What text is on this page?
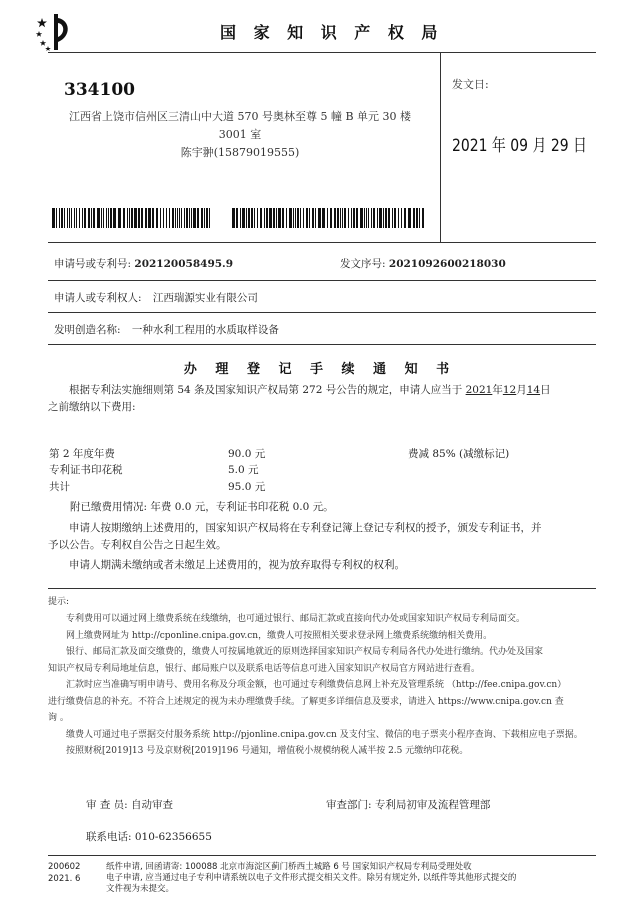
国 家 知 识 产 权 局
334100
江西省上饶市信州区三清山中大道 570 号奥林至尊 5 幢 B 单元 30 楼
3001 室
陈宇翀(15879019555)
发文日:
2021 年 09 月 29 日
申请号或专利号: 202120058495.9	发文序号: 2021092600218030
申请人或专利权人: 江西瑞源实业有限公司
发明创造名称: 一种水利工程用的水质取样设备
办 理 登 记 手 续 通 知 书
根据专利法实施细则第 54 条及国家知识产权局第 272 号公告的规定，申请人应当于 2021年12月14日
之前缴纳以下费用:
第 2 年度年费	90.0 元	费减 85% (减缴标记)
专利证书印花税	5.0 元
共计	95.0 元
附已缴费用情况: 年费 0.0 元，专利证书印花税 0.0 元。
申请人按期缴纳上述费用的，国家知识产权局将在专利登记簿上登记专利权的授予，颁发专利证书，并
予以公告。专利权自公告之日起生效。
申请人期满未缴纳或者未缴足上述费用的，视为放弃取得专利权的权利。
提示:
专利费用可以通过网上缴费系统在线缴纳，也可通过银行、邮局汇款或直接向代办处或国家知识产权局专利局面交。
网上缴费网址为 http://cponline.cnipa.gov.cn，缴费人可按照相关要求登录网上缴费系统缴纳相关费用。
银行、邮局汇款及面交缴费的，缴费人可按属地就近的原则选择国家知识产权局专利局各代办处进行缴纳。代办处及国家
知识产权局专利局地址信息，银行、邮局账户以及联系电话等信息可进入国家知识产权局官方网站进行查看。
汇款时应当准确写明申请号、费用名称及分项金额，也可通过专利缴费信息网上补充及管理系统 （http://fee.cnipa.gov.cn）
进行缴费信息的补充。不符合上述规定的视为未办理缴费手续。了解更多详细信息及要求，请进入 https://www.cnipa.gov.cn 查
询 。
缴费人可通过电子票据交付服务系统 http://pjonline.cnipa.gov.cn 及支付宝、微信的电子票夹小程序查询、下载相应电子票据。
按照财税[2019]13 号及京财税[2019]196 号通知，增值税小规模纳税人减半按 2.5 元缴纳印花税。
审 查 员: 自动审查	审查部门: 专利局初审及流程管理部
联系电话: 010-62356655
200602
2021. 6
纸件申请, 回函请寄: 100088 北京市海淀区蓟门桥西土城路 6 号 国家知识产权局专利局受理处收
电子申请, 应当通过电子专利申请系统以电子文件形式提交相关文件。除另有规定外, 以纸件等其他形式提交的
文件视为未提交。
